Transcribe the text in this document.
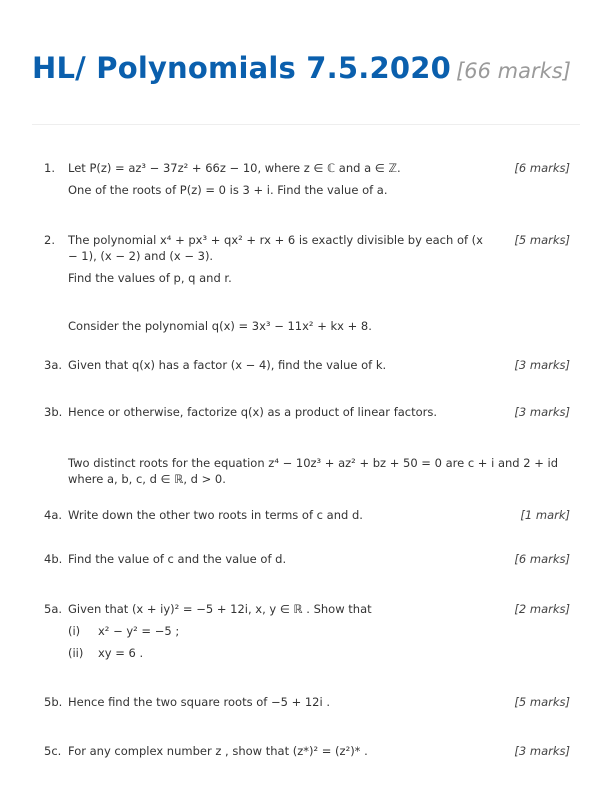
HL/ Polynomials 7.5.2020 [66 marks]
1. Let P(z) = az³ − 37z² + 66z − 10, where z ∈ ℂ and a ∈ ℤ.

One of the roots of P(z) = 0 is 3 + i. Find the value of a.

[6 marks]
2. The polynomial x⁴ + px³ + qx² + rx + 6 is exactly divisible by each of (x − 1), (x − 2) and (x − 3).

Find the values of p, q and r.

[5 marks]
Consider the polynomial q(x) = 3x³ − 11x² + kx + 8.
3a. Given that q(x) has a factor (x − 4), find the value of k.	[3 marks]
3b. Hence or otherwise, factorize q(x) as a product of linear factors.	[3 marks]
Two distinct roots for the equation z⁴ − 10z³ + az² + bz + 50 = 0 are c + i and 2 + id where a, b, c, d ∈ ℝ, d > 0.
4a. Write down the other two roots in terms of c and d.	[1 mark]
4b. Find the value of c and the value of d.	[6 marks]
5a. Given that (x + iy)² = −5 + 12i, x, y ∈ ℝ . Show that

(i)	x² − y² = −5 ;
(ii)	xy = 6 .
[2 marks]
5b. Hence find the two square roots of −5 + 12i .	[5 marks]
5c. For any complex number z , show that (z*)² = (z²)* .	[3 marks]
